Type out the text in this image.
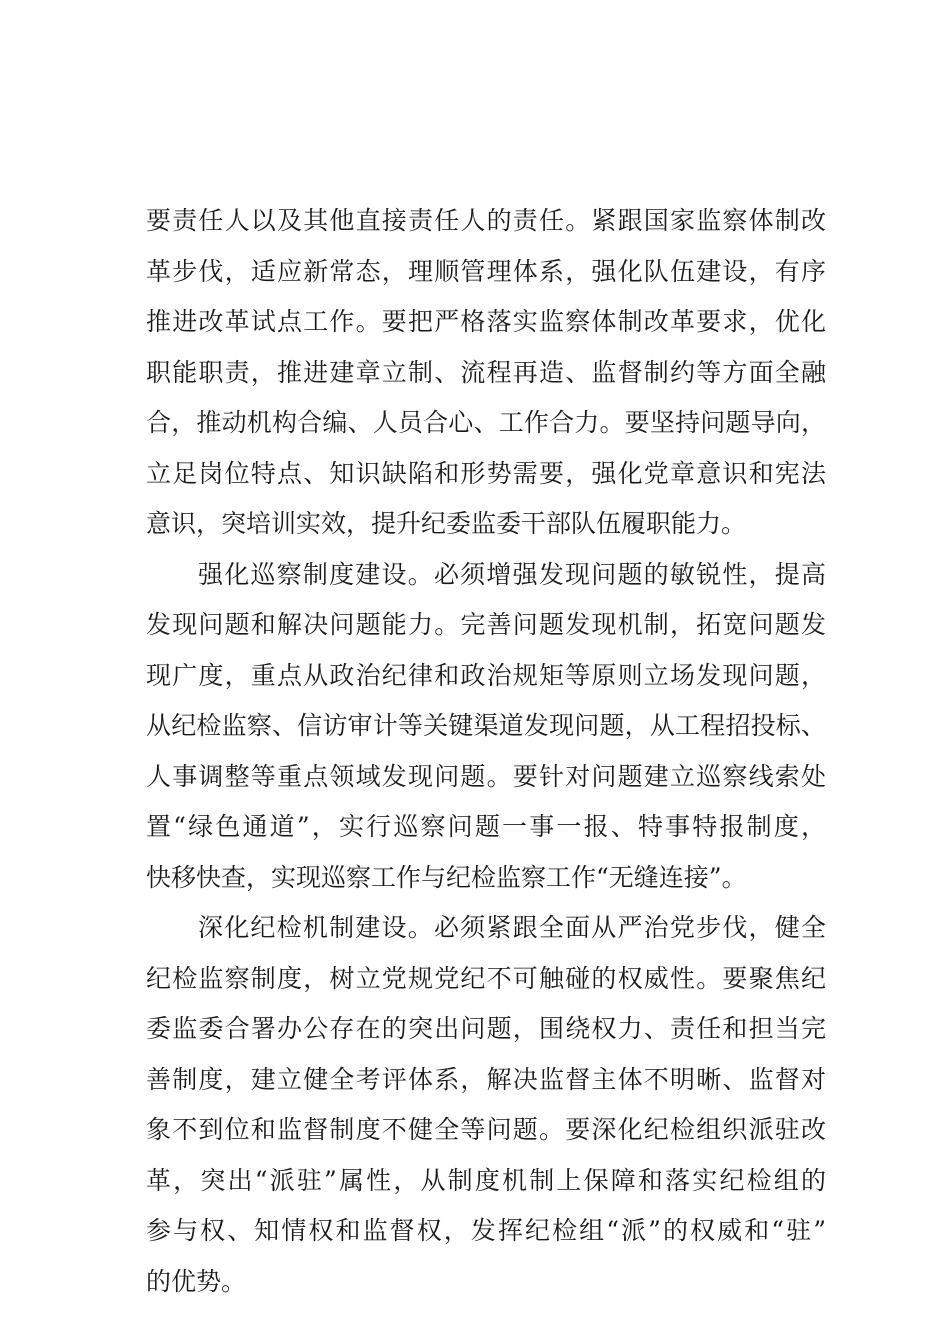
要责任人以及其他直接责任人的责任。紧跟国家监察体制改
革步伐，适应新常态，理顺管理体系，强化队伍建设，有序
推进改革试点工作。要把严格落实监察体制改革要求，优化
职能职责，推进建章立制、流程再造、监督制约等方面全融
合，推动机构合编、人员合心、工作合力。要坚持问题导向，
立足岗位特点、知识缺陷和形势需要，强化党章意识和宪法
意识，突培训实效，提升纪委监委干部队伍履职能力。
强化巡察制度建设。必须增强发现问题的敏锐性，提高
发现问题和解决问题能力。完善问题发现机制，拓宽问题发
现广度，重点从政治纪律和政治规矩等原则立场发现问题，
从纪检监察、信访审计等关键渠道发现问题，从工程招投标、
人事调整等重点领域发现问题。要针对问题建立巡察线索处
置“绿色通道”，实行巡察问题一事一报、特事特报制度，
快移快查，实现巡察工作与纪检监察工作“无缝连接”。
深化纪检机制建设。必须紧跟全面从严治党步伐，健全
纪检监察制度，树立党规党纪不可触碰的权威性。要聚焦纪
委监委合署办公存在的突出问题，围绕权力、责任和担当完
善制度，建立健全考评体系，解决监督主体不明晰、监督对
象不到位和监督制度不健全等问题。要深化纪检组织派驻改
革，突出“派驻”属性，从制度机制上保障和落实纪检组的
参与权、知情权和监督权，发挥纪检组“派”的权威和“驻”
的优势。
